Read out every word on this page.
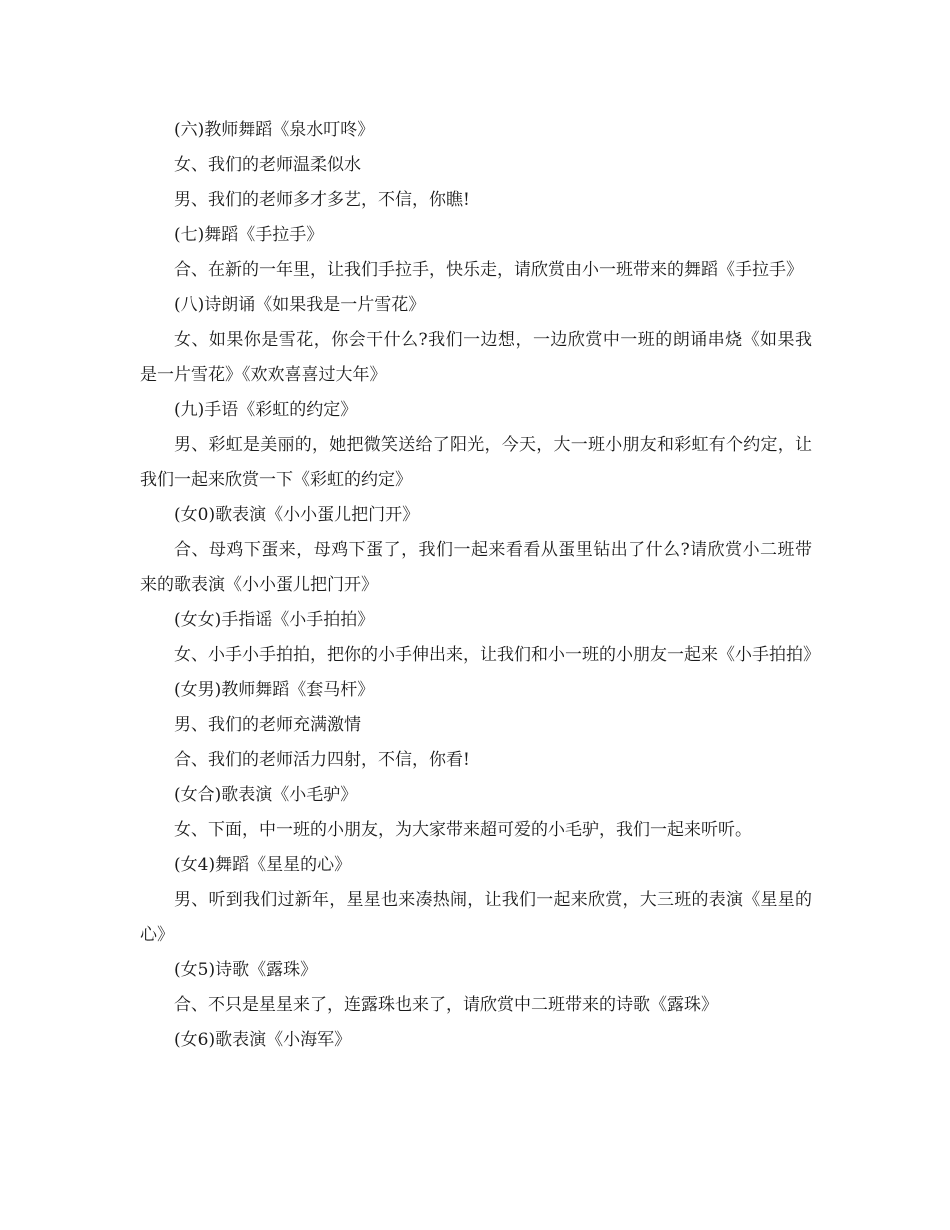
(六)教师舞蹈《泉水叮咚》

女、我们的老师温柔似水

男、我们的老师多才多艺，不信，你瞧!

(七)舞蹈《手拉手》

合、在新的一年里，让我们手拉手，快乐走，请欣赏由小一班带来的舞蹈《手拉手》

(八)诗朗诵《如果我是一片雪花》

女、如果你是雪花，你会干什么?我们一边想，一边欣赏中一班的朗诵串烧《如果我是一片雪花》《欢欢喜喜过大年》

(九)手语《彩虹的约定》

男、彩虹是美丽的，她把微笑送给了阳光，今天，大一班小朋友和彩虹有个约定，让我们一起来欣赏一下《彩虹的约定》

(女0)歌表演《小小蛋儿把门开》

合、母鸡下蛋来，母鸡下蛋了，我们一起来看看从蛋里钻出了什么?请欣赏小二班带来的歌表演《小小蛋儿把门开》

(女女)手指谣《小手拍拍》

女、小手小手拍拍，把你的小手伸出来，让我们和小一班的小朋友一起来《小手拍拍》

(女男)教师舞蹈《套马杆》

男、我们的老师充满激情

合、我们的老师活力四射，不信，你看!

(女合)歌表演《小毛驴》

女、下面，中一班的小朋友，为大家带来超可爱的小毛驴，我们一起来听听。

(女4)舞蹈《星星的心》

男、听到我们过新年，星星也来凑热闹，让我们一起来欣赏，大三班的表演《星星的心》

(女5)诗歌《露珠》

合、不只是星星来了，连露珠也来了，请欣赏中二班带来的诗歌《露珠》

(女6)歌表演《小海军》
